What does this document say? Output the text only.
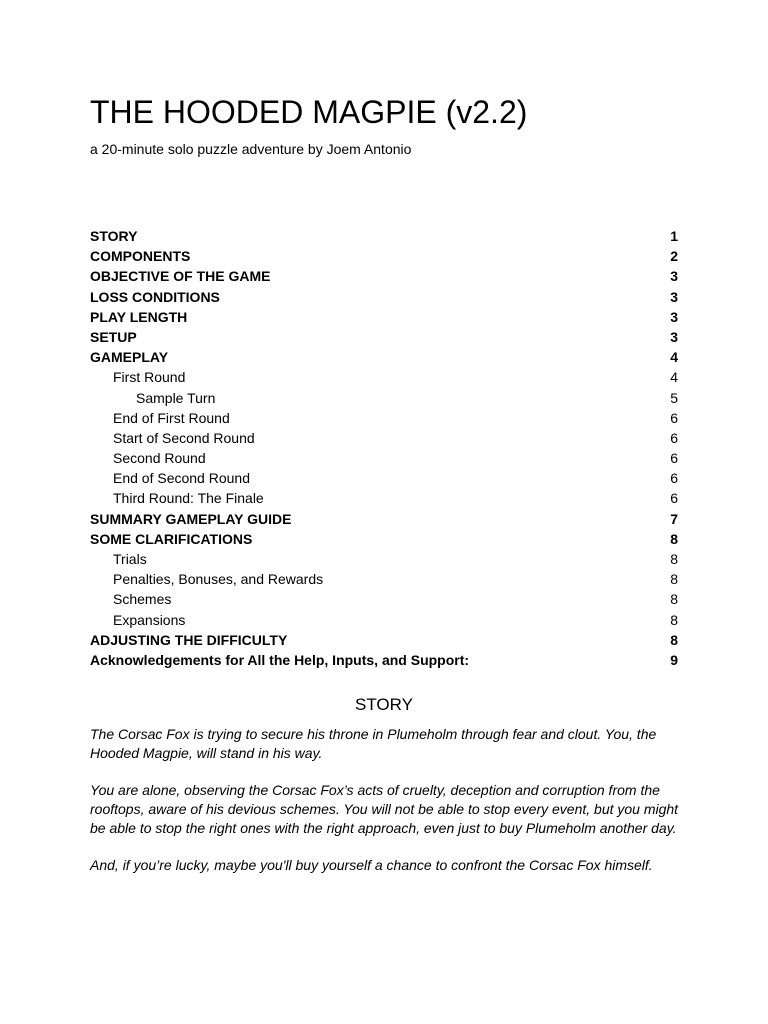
THE HOODED MAGPIE (v2.2)

a 20-minute solo puzzle adventure by Joem Antonio

STORY	1
COMPONENTS	2
OBJECTIVE OF THE GAME	3
LOSS CONDITIONS	3
PLAY LENGTH	3
SETUP	3
GAMEPLAY	4
First Round	4
Sample Turn	5
End of First Round	6
Start of Second Round	6
Second Round	6
End of Second Round	6
Third Round: The Finale	6
SUMMARY GAMEPLAY GUIDE	7
SOME CLARIFICATIONS	8
Trials	8
Penalties, Bonuses, and Rewards	8
Schemes	8
Expansions	8
ADJUSTING THE DIFFICULTY	8
Acknowledgements for All the Help, Inputs, and Support:	9
STORY

The Corsac Fox is trying to secure his throne in Plumeholm through fear and clout. You, the Hooded Magpie, will stand in his way.

You are alone, observing the Corsac Fox’s acts of cruelty, deception and corruption from the rooftops, aware of his devious schemes. You will not be able to stop every event, but you might be able to stop the right ones with the right approach, even just to buy Plumeholm another day.

And, if you’re lucky, maybe you'll buy yourself a chance to confront the Corsac Fox himself.
